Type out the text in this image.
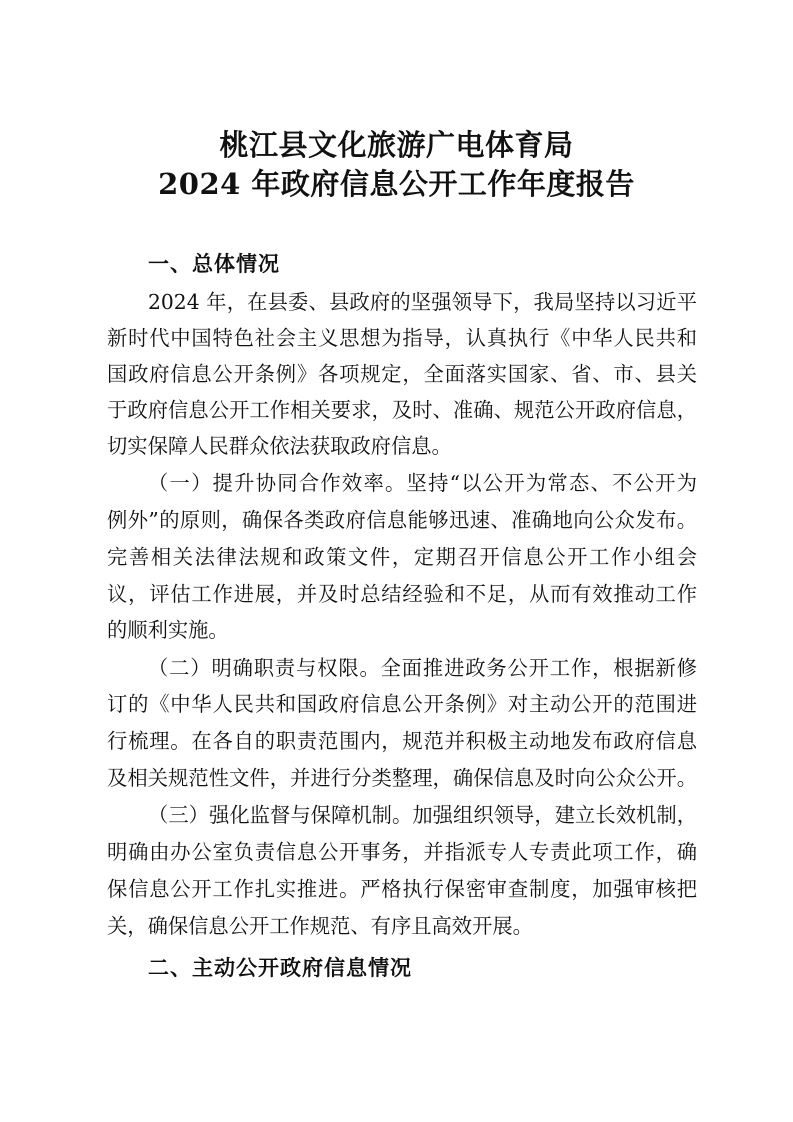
桃江县文化旅游广电体育局
2024 年政府信息公开工作年度报告
一、总体情况
2024 年，在县委、县政府的坚强领导下，我局坚持以习近平
新时代中国特色社会主义思想为指导，认真执行《中华人民共和
国政府信息公开条例》各项规定，全面落实国家、省、市、县关
于政府信息公开工作相关要求，及时、准确、规范公开政府信息，
切实保障人民群众依法获取政府信息。
（一）提升协同合作效率。坚持“以公开为常态、不公开为
例外”的原则，确保各类政府信息能够迅速、准确地向公众发布。
完善相关法律法规和政策文件，定期召开信息公开工作小组会
议，评估工作进展，并及时总结经验和不足，从而有效推动工作
的顺利实施。
（二）明确职责与权限。全面推进政务公开工作，根据新修
订的《中华人民共和国政府信息公开条例》对主动公开的范围进
行梳理。在各自的职责范围内，规范并积极主动地发布政府信息
及相关规范性文件，并进行分类整理，确保信息及时向公众公开。
（三）强化监督与保障机制。加强组织领导，建立长效机制，
明确由办公室负责信息公开事务，并指派专人专责此项工作，确
保信息公开工作扎实推进。严格执行保密审查制度，加强审核把
关，确保信息公开工作规范、有序且高效开展。
二、主动公开政府信息情况
